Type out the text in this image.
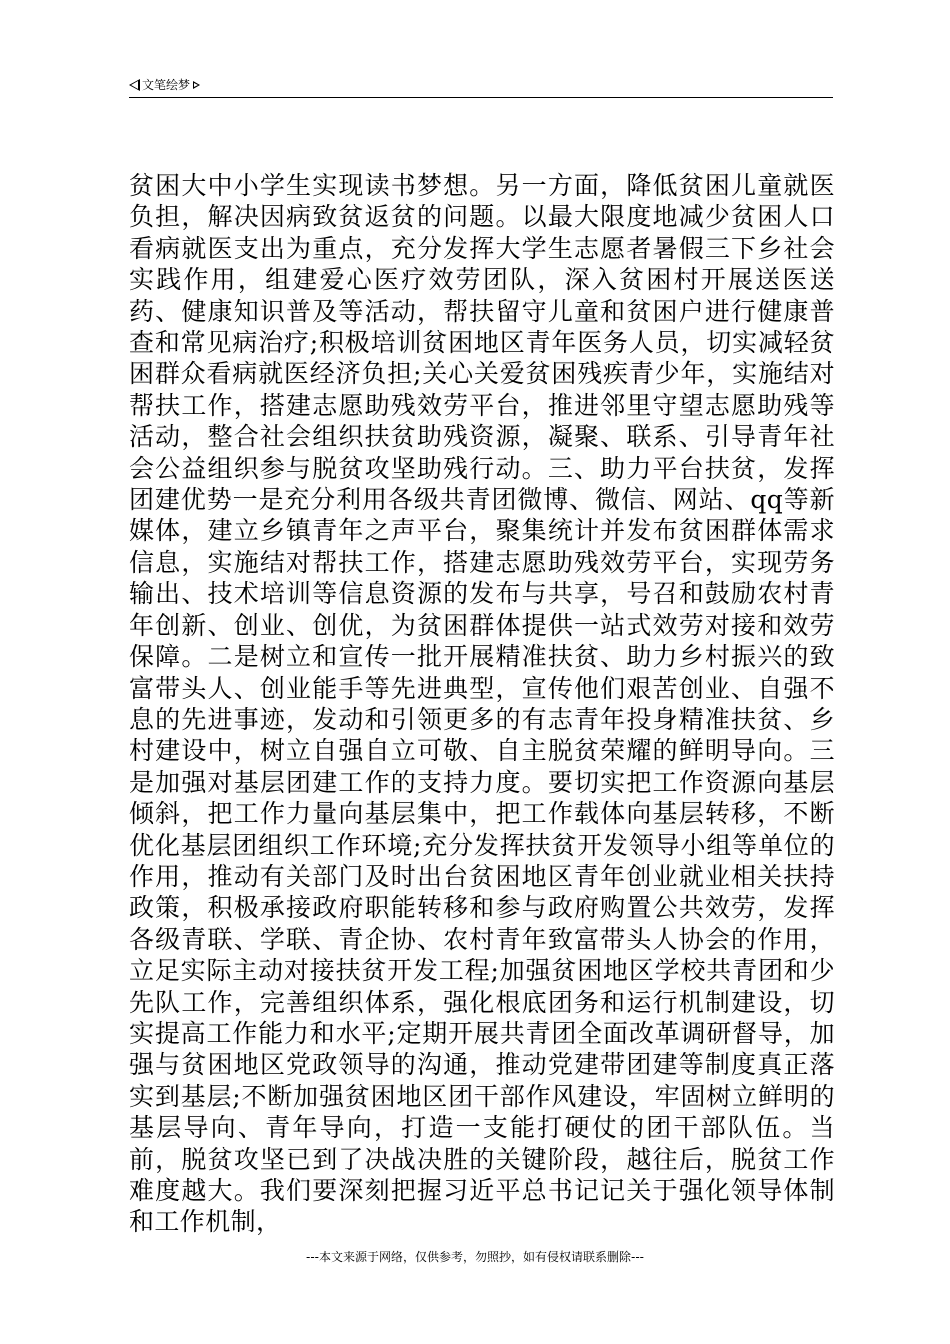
文笔绘梦

贫困大中小学生实现读书梦想。另一方面，降低贫困儿童就医负担，解决因病致贫返贫的问题。以最大限度地减少贫困人口看病就医支出为重点，充分发挥大学生志愿者暑假三下乡社会实践作用，组建爱心医疗效劳团队，深入贫困村开展送医送药、健康知识普及等活动，帮扶留守儿童和贫困户进行健康普查和常见病治疗;积极培训贫困地区青年医务人员，切实减轻贫困群众看病就医经济负担;关心关爱贫困残疾青少年，实施结对帮扶工作，搭建志愿助残效劳平台，推进邻里守望志愿助残等活动，整合社会组织扶贫助残资源，凝聚、联系、引导青年社会公益组织参与脱贫攻坚助残行动。三、助力平台扶贫，发挥团建优势一是充分利用各级共青团微博、微信、网站、qq等新媒体，建立乡镇青年之声平台，聚集统计并发布贫困群体需求信息，实施结对帮扶工作，搭建志愿助残效劳平台，实现劳务输出、技术培训等信息资源的发布与共享，号召和鼓励农村青年创新、创业、创优，为贫困群体提供一站式效劳对接和效劳保障。二是树立和宣传一批开展精准扶贫、助力乡村振兴的致富带头人、创业能手等先进典型，宣传他们艰苦创业、自强不息的先进事迹，发动和引领更多的有志青年投身精准扶贫、乡村建设中，树立自强自立可敬、自主脱贫荣耀的鲜明导向。三是加强对基层团建工作的支持力度。要切实把工作资源向基层倾斜，把工作力量向基层集中，把工作载体向基层转移，不断优化基层团组织工作环境;充分发挥扶贫开发领导小组等单位的作用，推动有关部门及时出台贫困地区青年创业就业相关扶持政策，积极承接政府职能转移和参与政府购置公共效劳，发挥各级青联、学联、青企协、农村青年致富带头人协会的作用，立足实际主动对接扶贫开发工程;加强贫困地区学校共青团和少先队工作，完善组织体系，强化根底团务和运行机制建设，切实提高工作能力和水平;定期开展共青团全面改革调研督导，加强与贫困地区党政领导的沟通，推动党建带团建等制度真正落实到基层;不断加强贫困地区团干部作风建设，牢固树立鲜明的基层导向、青年导向，打造一支能打硬仗的团干部队伍。当前，脱贫攻坚已到了决战决胜的关键阶段，越往后，脱贫工作难度越大。我们要深刻把握习近平总书记记关于强化领导体制和工作机制，

---本文来源于网络，仅供参考，勿照抄，如有侵权请联系删除---
